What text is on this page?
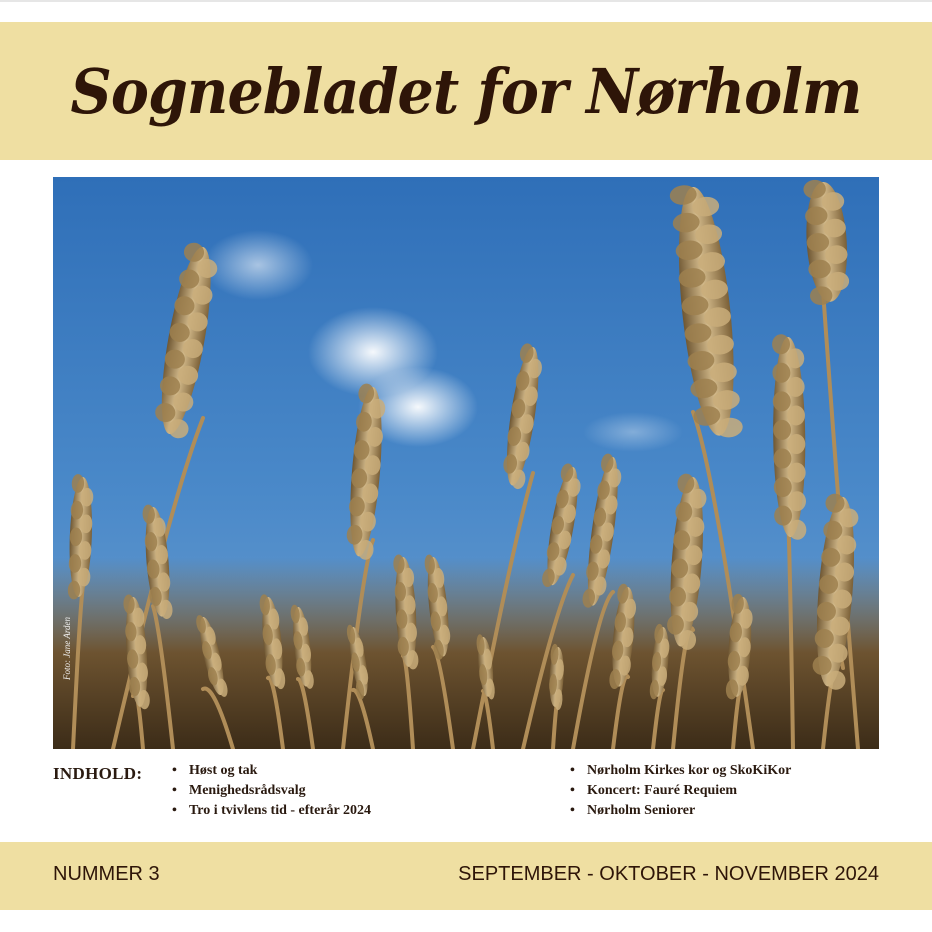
Sognebladet for Nørholm
Foto: Jane Arden
INDHOLD: • Høst og tak
• Menighedsrådsvalg
• Tro i tvivlens tid - efterår 2024
• Nørholm Kirkes kor og SkoKiKor
• Koncert: Fauré Requiem
• Nørholm Seniorer
NUMMER 3	SEPTEMBER - OKTOBER - NOVEMBER 2024
